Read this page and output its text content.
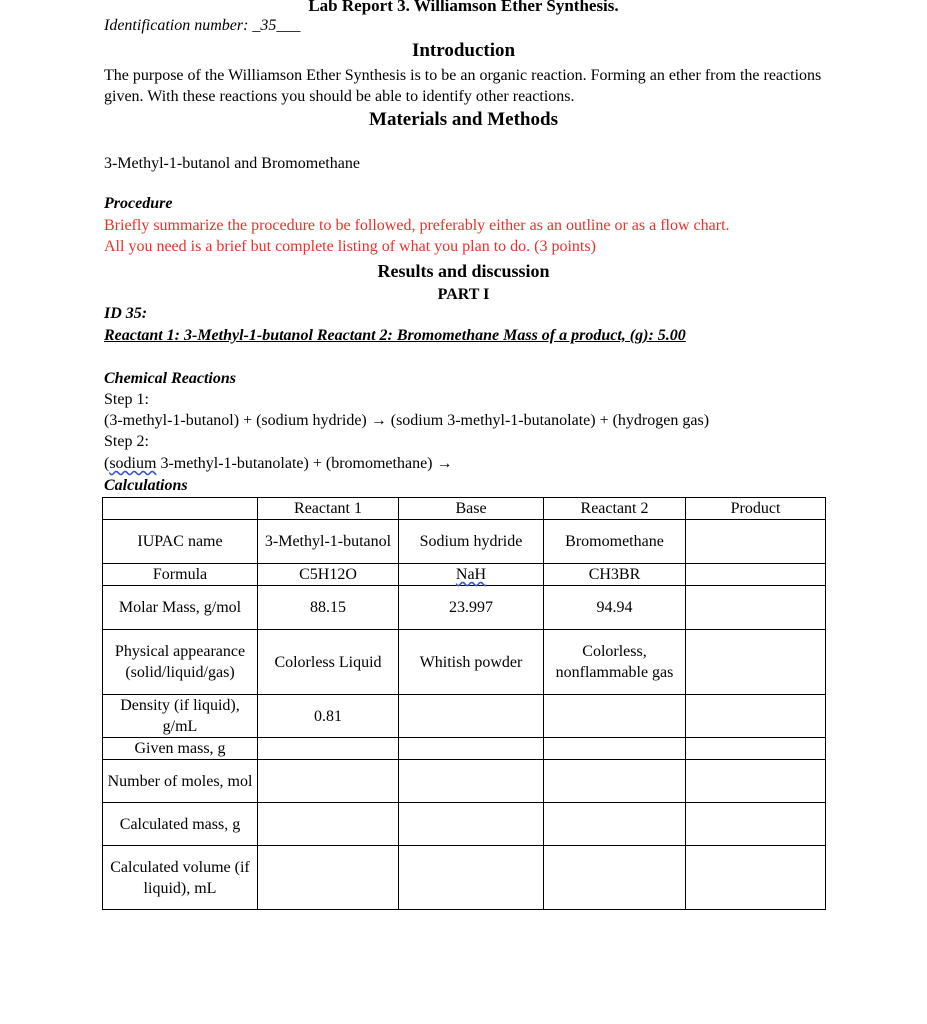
Lab Report 3. Williamson Ether Synthesis.
Identification number: _35___
Introduction
The purpose of the Williamson Ether Synthesis is to be an organic reaction. Forming an ether from the reactions given. With these reactions you should be able to identify other reactions.
Materials and Methods
3-Methyl-1-butanol and Bromomethane
Procedure
Briefly summarize the procedure to be followed, preferably either as an outline or as a flow chart.
All you need is a brief but complete listing of what you plan to do. (3 points)
Results and discussion
PART I
ID 35:
Reactant 1: 3-Methyl-1-butanol Reactant 2: Bromomethane Mass of a product, (g): 5.00
Chemical Reactions
Step 1:
(3-methyl-1-butanol) + (sodium hydride) → (sodium 3-methyl-1-butanolate) + (hydrogen gas)
Step 2:
(sodium 3-methyl-1-butanolate) + (bromomethane) →
Calculations
	Reactant 1	Base	Reactant 2	Product
IUPAC name	3-Methyl-1-butanol	Sodium hydride	Bromomethane	
Formula	C5H12O	NaH	CH3BR	
Molar Mass, g/mol	88.15	23.997	94.94	
Physical appearance (solid/liquid/gas)	Colorless Liquid	Whitish powder	Colorless, nonflammable gas	
Density (if liquid), g/mL	0.81			
Given mass, g				
Number of moles, mol				
Calculated mass, g				
Calculated volume (if liquid), mL				
